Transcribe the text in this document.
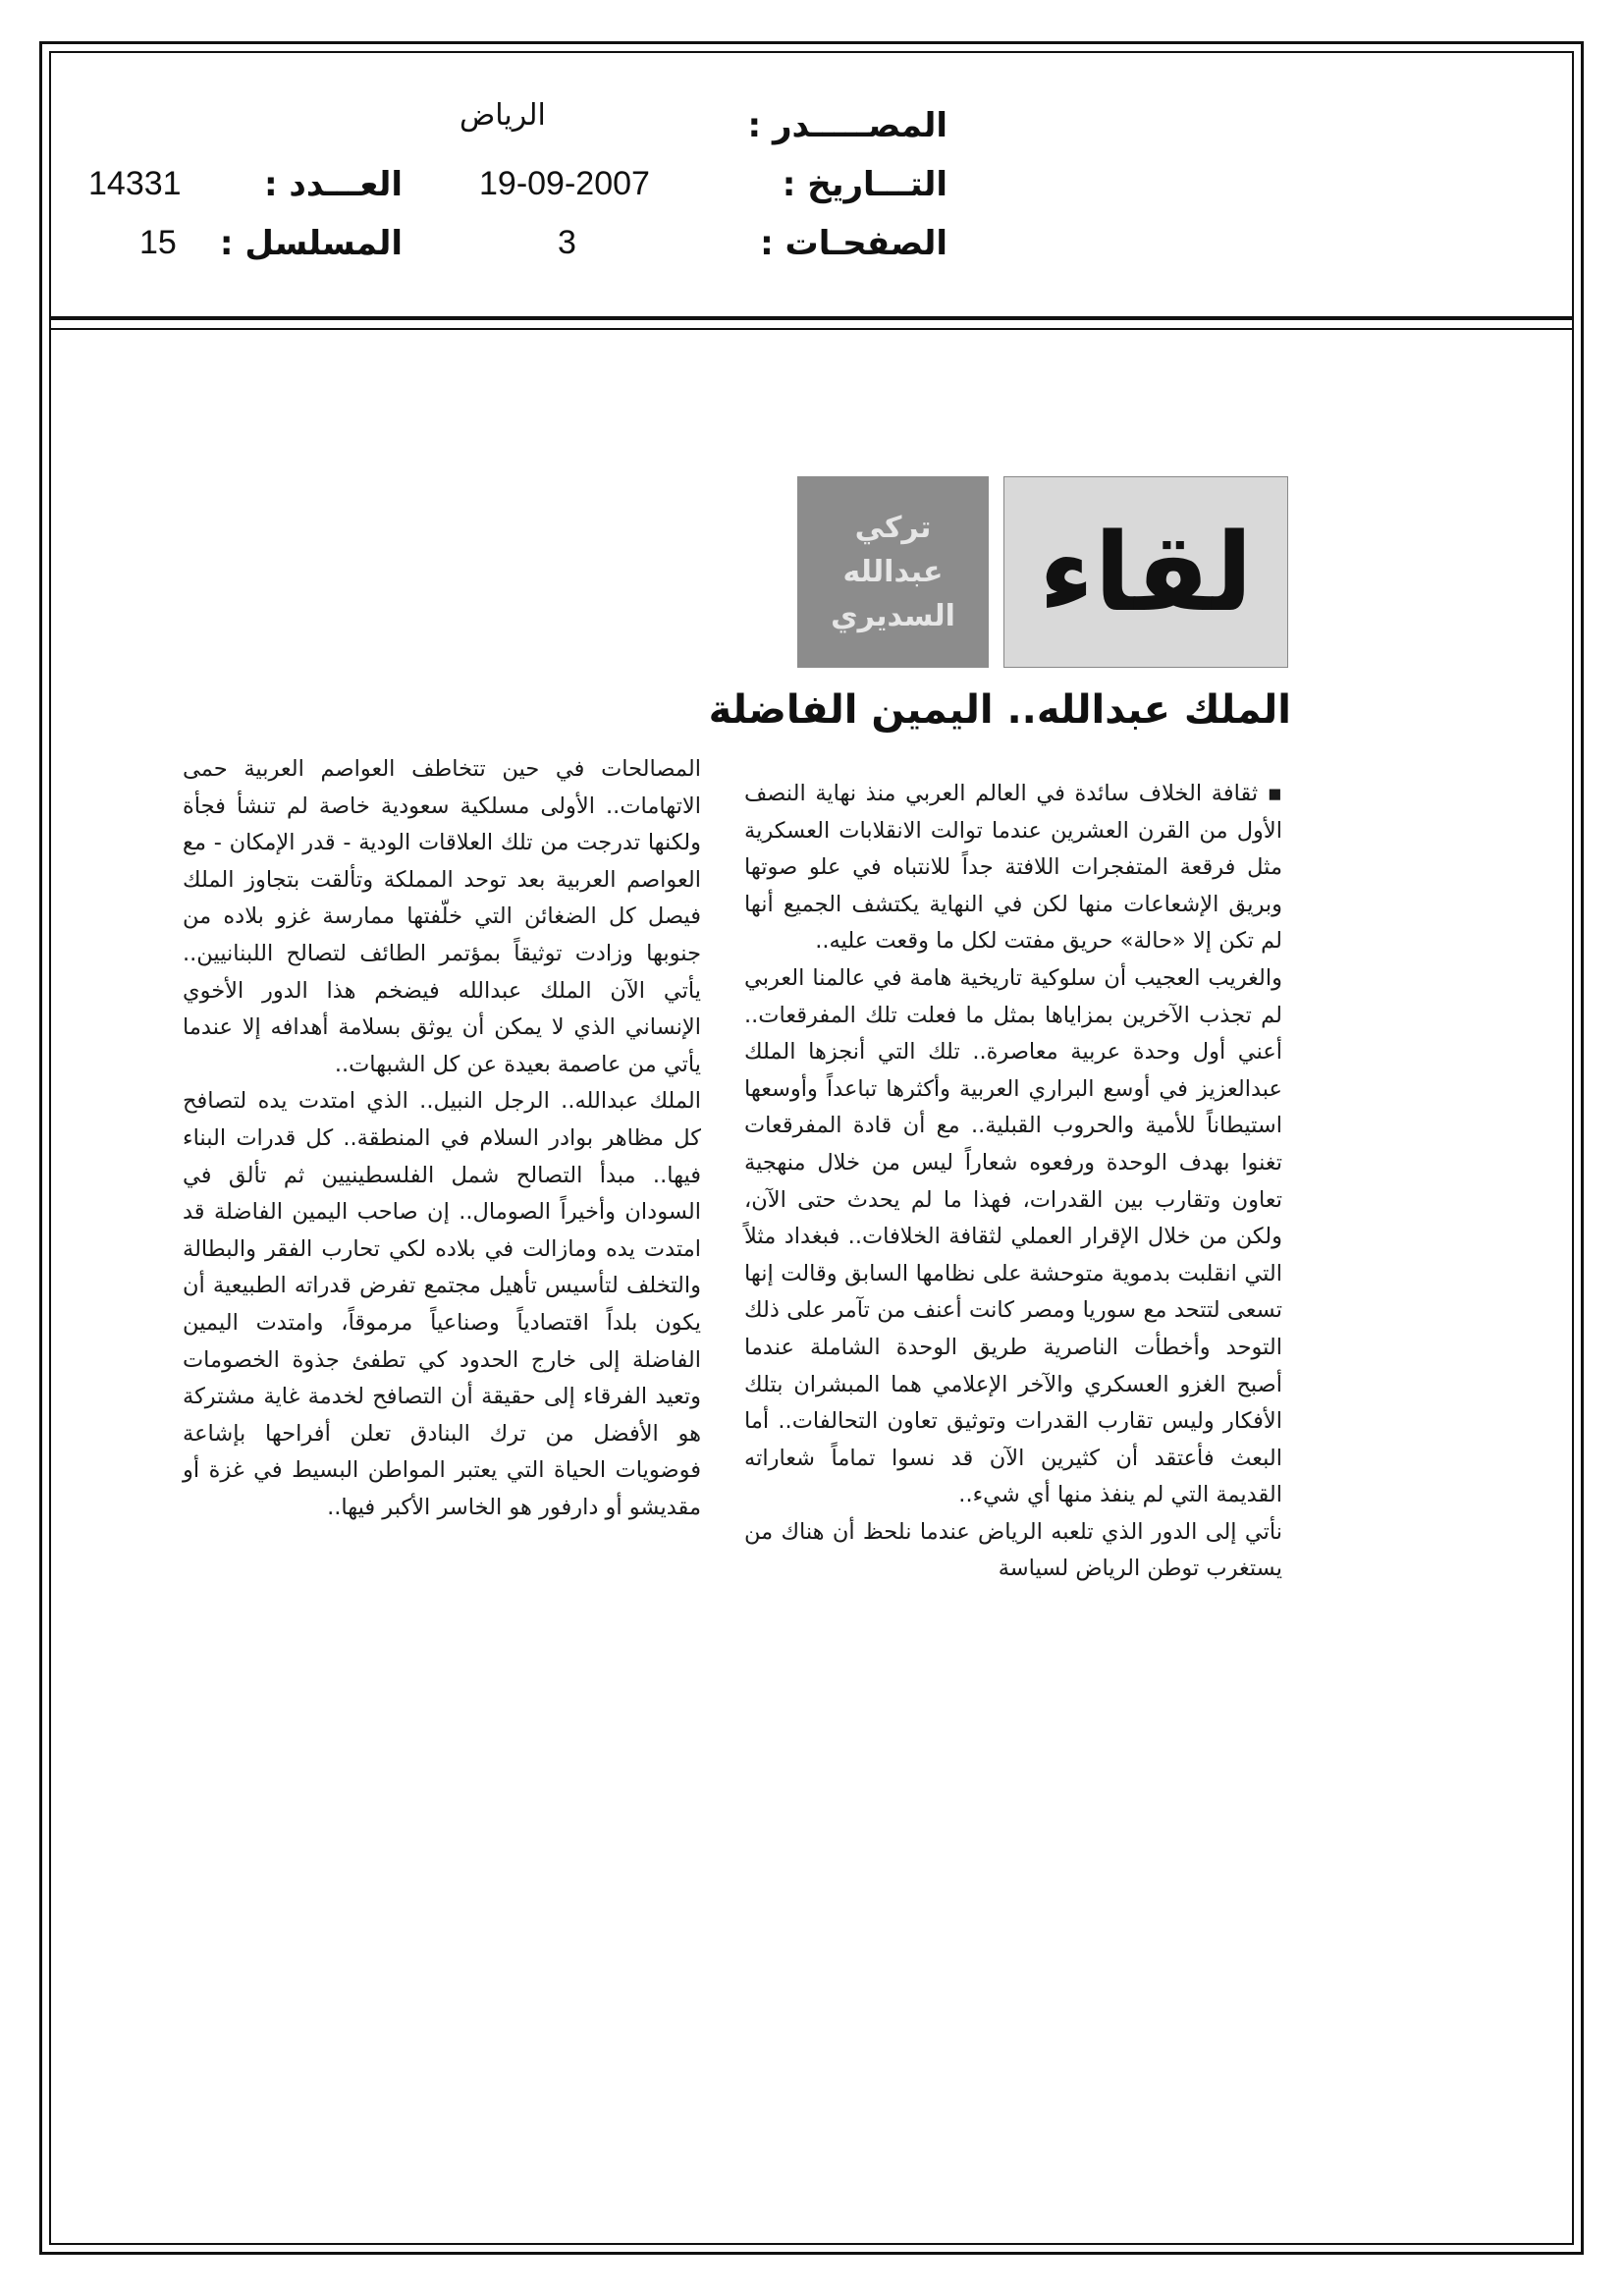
المصـــــدر :
التـــاريخ :
الصفحـات :
الرياض
19-09-2007
3
العـــدد :
المسلسل :
14331
15
لقاء
تركي
عبدالله
السديري
الملك عبدالله.. اليمين الفاضلة

▪ ثقافة الخلاف سائدة في العالم العربي منذ نهاية النصف الأول من القرن العشرين عندما توالت الانقلابات العسكرية مثل فرقعة المتفجرات اللافتة جداً للانتباه في علو صوتها وبريق الإشعاعات منها لكن في النهاية يكتشف الجميع أنها لم تكن إلا «حالة» حريق مفتت لكل ما وقعت عليه..

والغريب العجيب أن سلوكية تاريخية هامة في عالمنا العربي لم تجذب الآخرين بمزاياها بمثل ما فعلت تلك المفرقعات.. أعني أول وحدة عربية معاصرة.. تلك التي أنجزها الملك عبدالعزيز في أوسع البراري العربية وأكثرها تباعداً وأوسعها استيطاناً للأمية والحروب القبلية.. مع أن قادة المفرقعات تغنوا بهدف الوحدة ورفعوه شعاراً ليس من خلال منهجية تعاون وتقارب بين القدرات، فهذا ما لم يحدث حتى الآن، ولكن من خلال الإقرار العملي لثقافة الخلافات.. فبغداد مثلاً التي انقلبت بدموية متوحشة على نظامها السابق وقالت إنها تسعى لتتحد مع سوريا ومصر كانت أعنف من تآمر على ذلك التوحد وأخطأت الناصرية طريق الوحدة الشاملة عندما أصبح الغزو العسكري والآخر الإعلامي هما المبشران بتلك الأفكار وليس تقارب القدرات وتوثيق تعاون التحالفات.. أما البعث فأعتقد أن كثيرين الآن قد نسوا تماماً شعاراته القديمة التي لم ينفذ منها أي شيء..

نأتي إلى الدور الذي تلعبه الرياض عندما نلحظ أن هناك من يستغرب توطن الرياض لسياسة

المصالحات في حين تتخاطف العواصم العربية حمى الاتهامات.. الأولى مسلكية سعودية خاصة لم تنشأ فجأة ولكنها تدرجت من تلك العلاقات الودية - قدر الإمكان - مع العواصم العربية بعد توحد المملكة وتألقت بتجاوز الملك فيصل كل الضغائن التي خلّفتها ممارسة غزو بلاده من جنوبها وزادت توثيقاً بمؤتمر الطائف لتصالح اللبنانيين.. يأتي الآن الملك عبدالله فيضخم هذا الدور الأخوي الإنساني الذي لا يمكن أن يوثق بسلامة أهدافه إلا عندما يأتي من عاصمة بعيدة عن كل الشبهات..

الملك عبدالله.. الرجل النبيل.. الذي امتدت يده لتصافح كل مظاهر بوادر السلام في المنطقة.. كل قدرات البناء فيها.. مبدأ التصالح شمل الفلسطينيين ثم تألق في السودان وأخيراً الصومال.. إن صاحب اليمين الفاضلة قد امتدت يده ومازالت في بلاده لكي تحارب الفقر والبطالة والتخلف لتأسيس تأهيل مجتمع تفرض قدراته الطبيعية أن يكون بلداً اقتصادياً وصناعياً مرموقاً، وامتدت اليمين الفاضلة إلى خارج الحدود كي تطفئ جذوة الخصومات وتعيد الفرقاء إلى حقيقة أن التصافح لخدمة غاية مشتركة هو الأفضل من ترك البنادق تعلن أفراحها بإشاعة فوضويات الحياة التي يعتبر المواطن البسيط في غزة أو مقديشو أو دارفور هو الخاسر الأكبر فيها..
